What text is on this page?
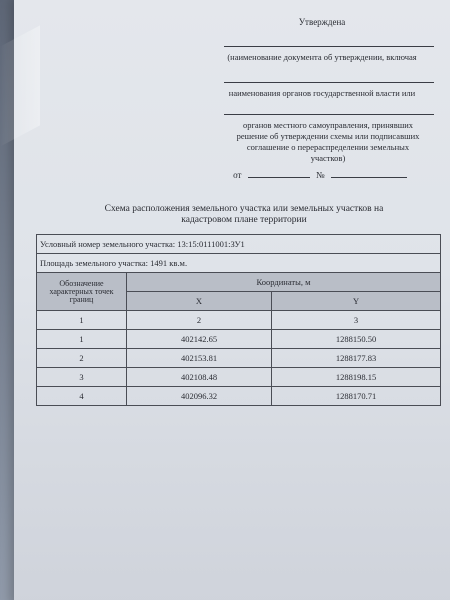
Утверждена
(наименование документа об утверждении, включая
наименования органов государственной власти или
органов местного самоуправления, принявших решение об утверждении схемы или подписавших соглашение о перераспределении земельных участков)
от	№
Схема расположения земельного участка или земельных участков на кадастровом плане территории
Условный номер земельного участка: 13:15:0111001:ЗУ1		
Площадь земельного участка: 1491 кв.м.		
Обозначение характерных точек границ	Координаты, м	
	X	Y
1	2	3
1	402142.65	1288150.50
2	402153.81	1288177.83
3	402108.48	1288198.15
4	402096.32	1288170.71
